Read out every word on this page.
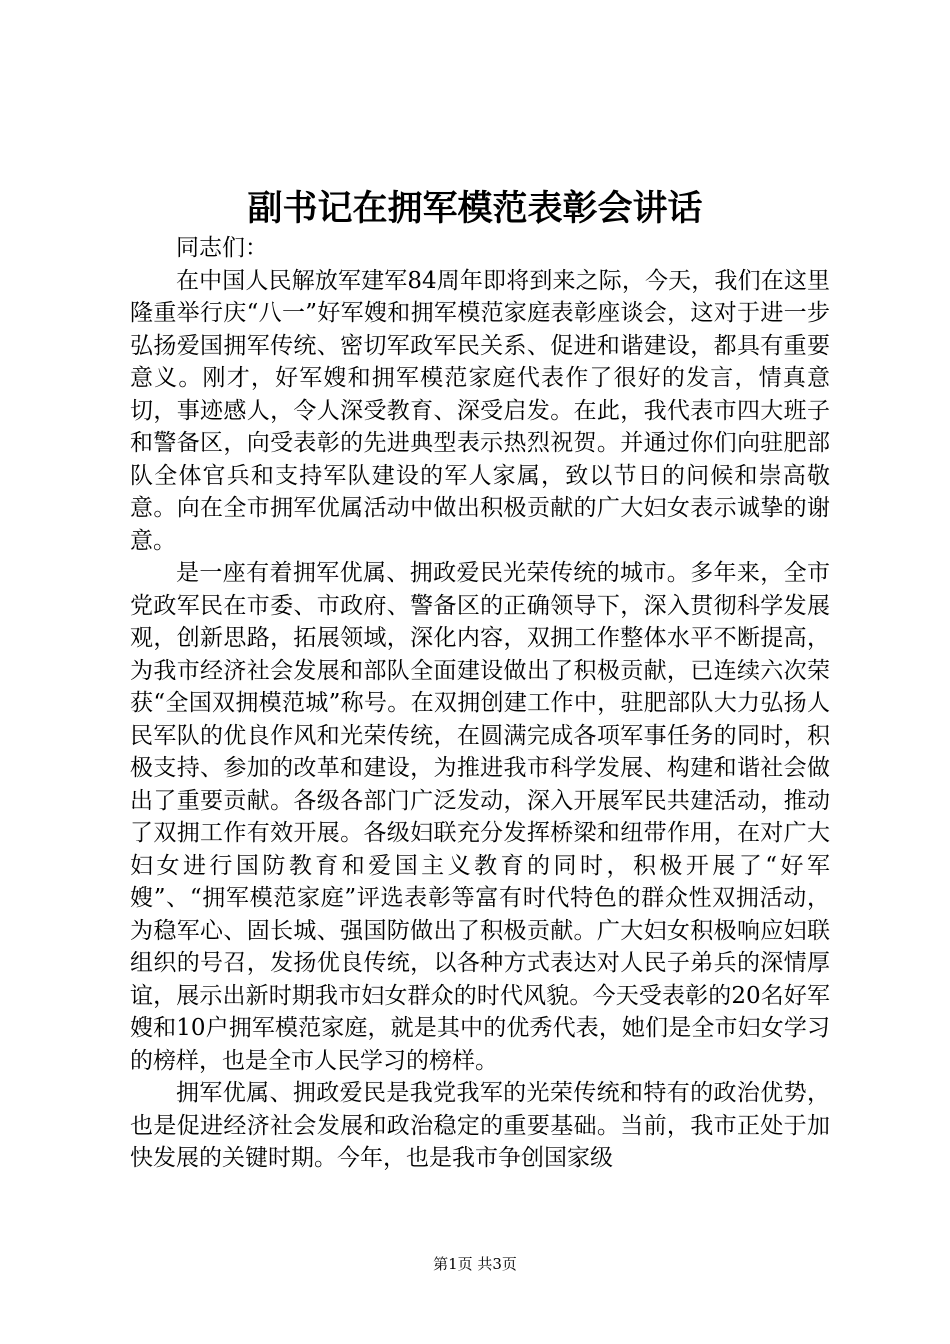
副书记在拥军模范表彰会讲话

同志们：

在中国人民解放军建军84周年即将到来之际，今天，我们在这里隆重举行庆“八一”好军嫂和拥军模范家庭表彰座谈会，这对于进一步弘扬爱国拥军传统、密切军政军民关系、促进和谐建设，都具有重要意义。刚才，好军嫂和拥军模范家庭代表作了很好的发言，情真意切，事迹感人，令人深受教育、深受启发。在此，我代表市四大班子和警备区，向受表彰的先进典型表示热烈祝贺。并通过你们向驻肥部队全体官兵和支持军队建设的军人家属，致以节日的问候和崇高敬意。向在全市拥军优属活动中做出积极贡献的广大妇女表示诚挚的谢意。

是一座有着拥军优属、拥政爱民光荣传统的城市。多年来，全市党政军民在市委、市政府、警备区的正确领导下，深入贯彻科学发展观，创新思路，拓展领域，深化内容，双拥工作整体水平不断提高，为我市经济社会发展和部队全面建设做出了积极贡献，已连续六次荣获“全国双拥模范城”称号。在双拥创建工作中，驻肥部队大力弘扬人民军队的优良作风和光荣传统，在圆满完成各项军事任务的同时，积极支持、参加的改革和建设，为推进我市科学发展、构建和谐社会做出了重要贡献。各级各部门广泛发动，深入开展军民共建活动，推动了双拥工作有效开展。各级妇联充分发挥桥梁和纽带作用，在对广大妇女进行国防教育和爱国主义教育的同时，积极开展了“好军嫂”、“拥军模范家庭”评选表彰等富有时代特色的群众性双拥活动，为稳军心、固长城、强国防做出了积极贡献。广大妇女积极响应妇联组织的号召，发扬优良传统，以各种方式表达对人民子弟兵的深情厚谊，展示出新时期我市妇女群众的时代风貌。今天受表彰的20名好军嫂和10户拥军模范家庭，就是其中的优秀代表，她们是全市妇女学习的榜样，也是全市人民学习的榜样。

拥军优属、拥政爱民是我党我军的光荣传统和特有的政治优势，也是促进经济社会发展和政治稳定的重要基础。当前，我市正处于加快发展的关键时期。今年，也是我市争创国家级

第1页 共3页
